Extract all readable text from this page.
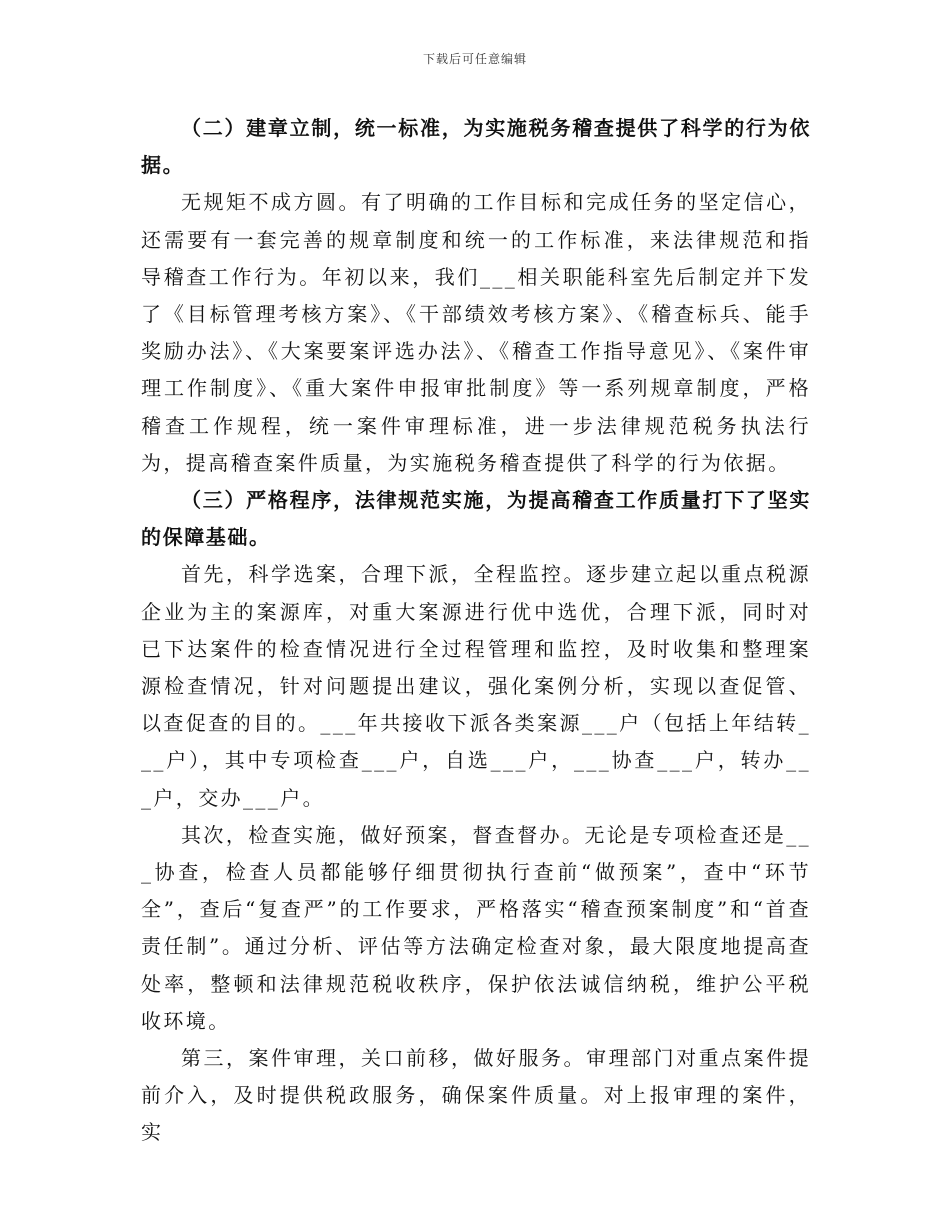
下载后可任意编辑

（二）建章立制，统一标准，为实施税务稽查提供了科学的行为依据。

无规矩不成方圆。有了明确的工作目标和完成任务的坚定信心，还需要有一套完善的规章制度和统一的工作标准，来法律规范和指导稽查工作行为。年初以来，我们___相关职能科室先后制定并下发了《目标管理考核方案》、《干部绩效考核方案》、《稽查标兵、能手奖励办法》、《大案要案评选办法》、《稽查工作指导意见》、《案件审理工作制度》、《重大案件申报审批制度》等一系列规章制度，严格稽查工作规程，统一案件审理标准，进一步法律规范税务执法行为，提高稽查案件质量，为实施税务稽查提供了科学的行为依据。

（三）严格程序，法律规范实施，为提高稽查工作质量打下了坚实的保障基础。

首先，科学选案，合理下派，全程监控。逐步建立起以重点税源企业为主的案源库，对重大案源进行优中选优，合理下派，同时对已下达案件的检查情况进行全过程管理和监控，及时收集和整理案源检查情况，针对问题提出建议，强化案例分析，实现以查促管、以查促查的目的。___年共接收下派各类案源___户（包括上年结转___户），其中专项检查___户，自选___户，___协查___户，转办___户，交办___户。

其次，检查实施，做好预案，督查督办。无论是专项检查还是___协查，检查人员都能够仔细贯彻执行查前“做预案”，查中“环节全”，查后“复查严”的工作要求，严格落实“稽查预案制度”和“首查责任制”。通过分析、评估等方法确定检查对象，最大限度地提高查处率，整顿和法律规范税收秩序，保护依法诚信纳税，维护公平税收环境。

第三，案件审理，关口前移，做好服务。审理部门对重点案件提前介入，及时提供税政服务，确保案件质量。对上报审理的案件，实
